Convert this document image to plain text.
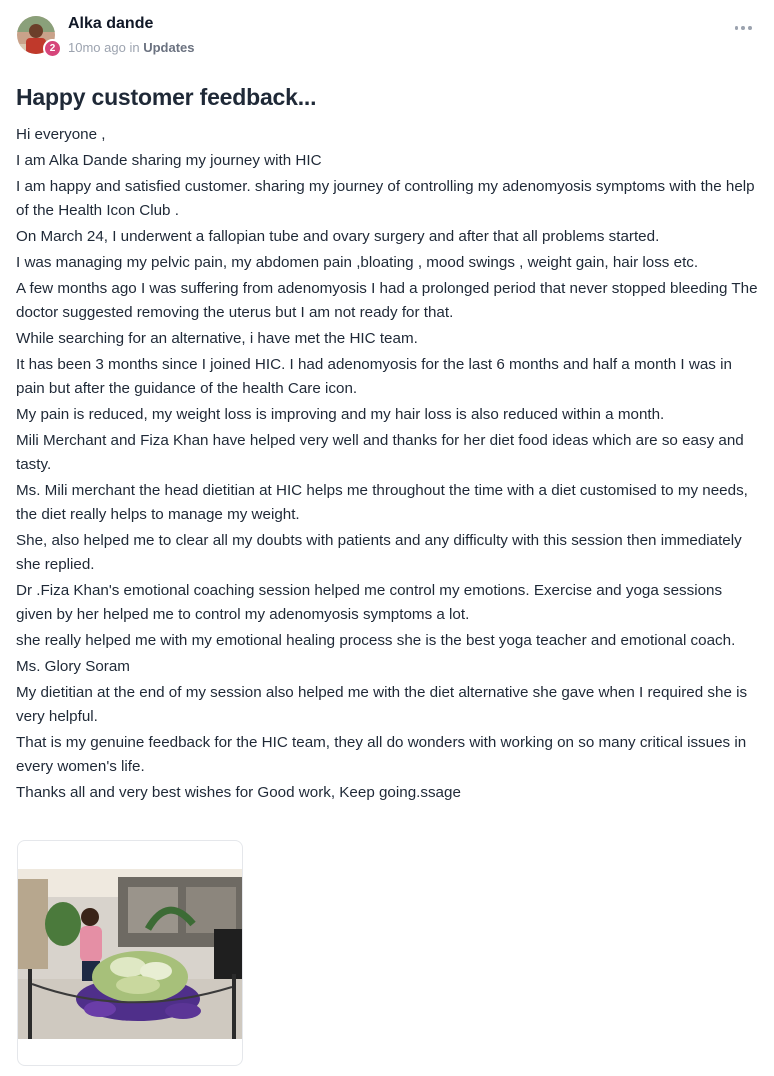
2
Alka dande
10mo ago in Updates
Happy customer feedback...

Hi everyone ,

I am Alka Dande sharing my journey with HIC

I am happy and satisfied customer. sharing my journey of controlling my adenomyosis symptoms with the help of the Health Icon Club .

On March 24, I underwent a fallopian tube and ovary surgery and after that all problems started.

I was managing my pelvic pain, my abdomen pain ,bloating , mood swings , weight gain, hair loss etc.

A few months ago I was suffering from adenomyosis I had a prolonged period that never stopped bleeding The doctor suggested removing the uterus but I am not ready for that.

While searching for an alternative, i have met the HIC team.

It has been 3 months since I joined HIC. I had adenomyosis for the last 6 months and half a month I was in pain but after the guidance of the health Care icon.

My pain is reduced, my weight loss is improving and my hair loss is also reduced within a month.

Mili Merchant and Fiza Khan have helped very well and thanks for her diet food ideas which are so easy and tasty.

Ms. Mili merchant the head dietitian at HIC helps me throughout the time with a diet customised to my needs, the diet really helps to manage my weight.

She, also helped me to clear all my doubts with patients and any difficulty with this session then immediately she replied.

Dr .Fiza Khan's emotional coaching session helped me control my emotions. Exercise and yoga sessions given by her helped me to control my adenomyosis symptoms a lot.

she really helped me with my emotional healing process she is the best yoga teacher and emotional coach.

Ms. Glory Soram

My dietitian at the end of my session also helped me with the diet alternative she gave when I required she is very helpful.

That is my genuine feedback for the HIC team, they all do wonders with working on so many critical issues in every women's life.

Thanks all and very best wishes for Good work, Keep going.ssage
